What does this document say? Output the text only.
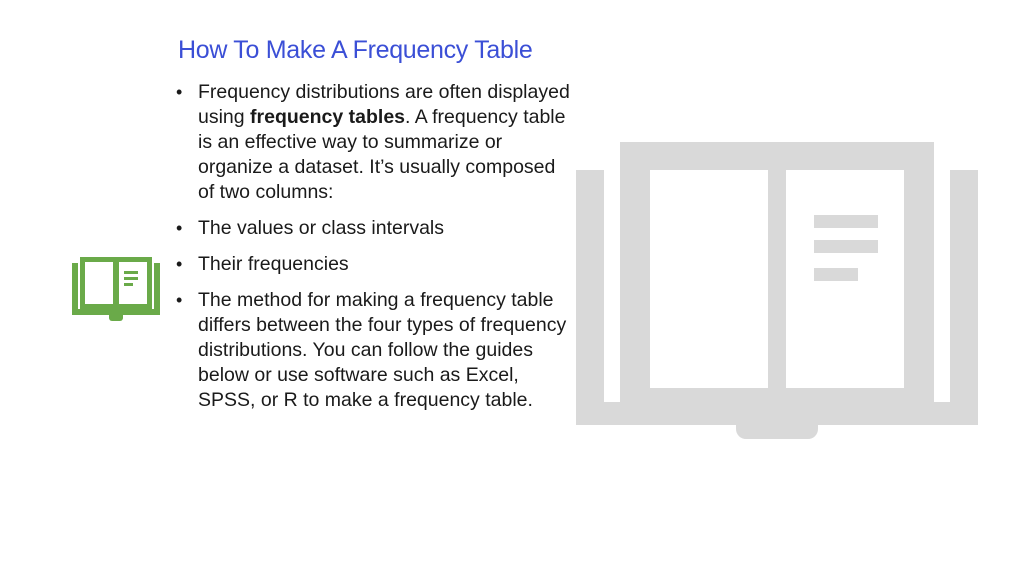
How To Make A Frequency Table
• Frequency distributions are often displayed using frequency tables. A frequency table is an effective way to summarize or organize a dataset. It’s usually composed of two columns:
• The values or class intervals
• Their frequencies
• The method for making a frequency table differs between the four types of frequency distributions. You can follow the guides below or use software such as Excel, SPSS, or R to make a frequency table.
